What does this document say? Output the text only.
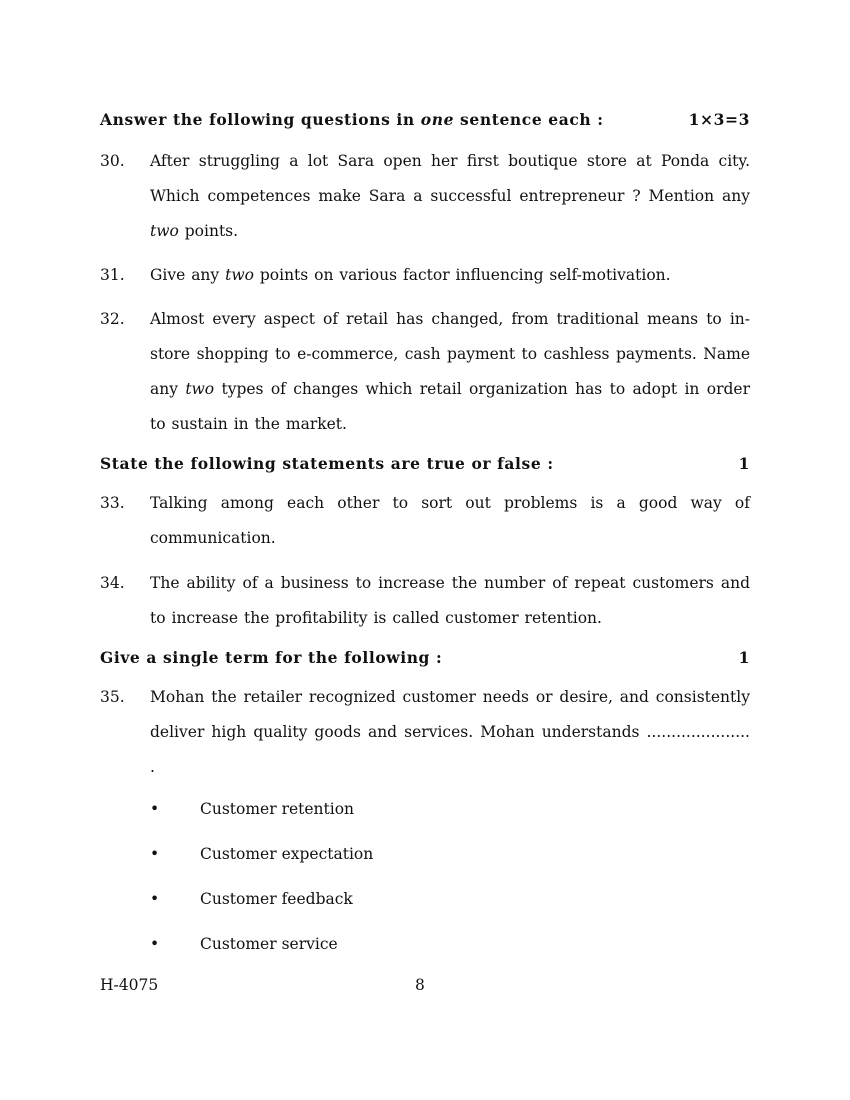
Answer the following questions in one sentence each :	1×3=3
30.	After struggling a lot Sara open her first boutique store at Ponda city. Which competences make Sara a successful entrepreneur ? Mention any two points.
31.	Give any two points on various factor influencing self-motivation.
32.	Almost every aspect of retail has changed, from traditional means to in-store shopping to e-commerce, cash payment to cashless payments. Name any two types of changes which retail organization has to adopt in order to sustain in the market.
State the following statements are true or false :	1
33.	Talking among each other to sort out problems is a good way of communication.
34.	The ability of a business to increase the number of repeat customers and to increase the profitability is called customer retention.
Give a single term for the following :	1
35.	Mohan the retailer recognized customer needs or desire, and consistently deliver high quality goods and services. Mohan understands ..................... .
•	Customer retention
•	Customer expectation
•	Customer feedback
•	Customer service
H-4075	8
